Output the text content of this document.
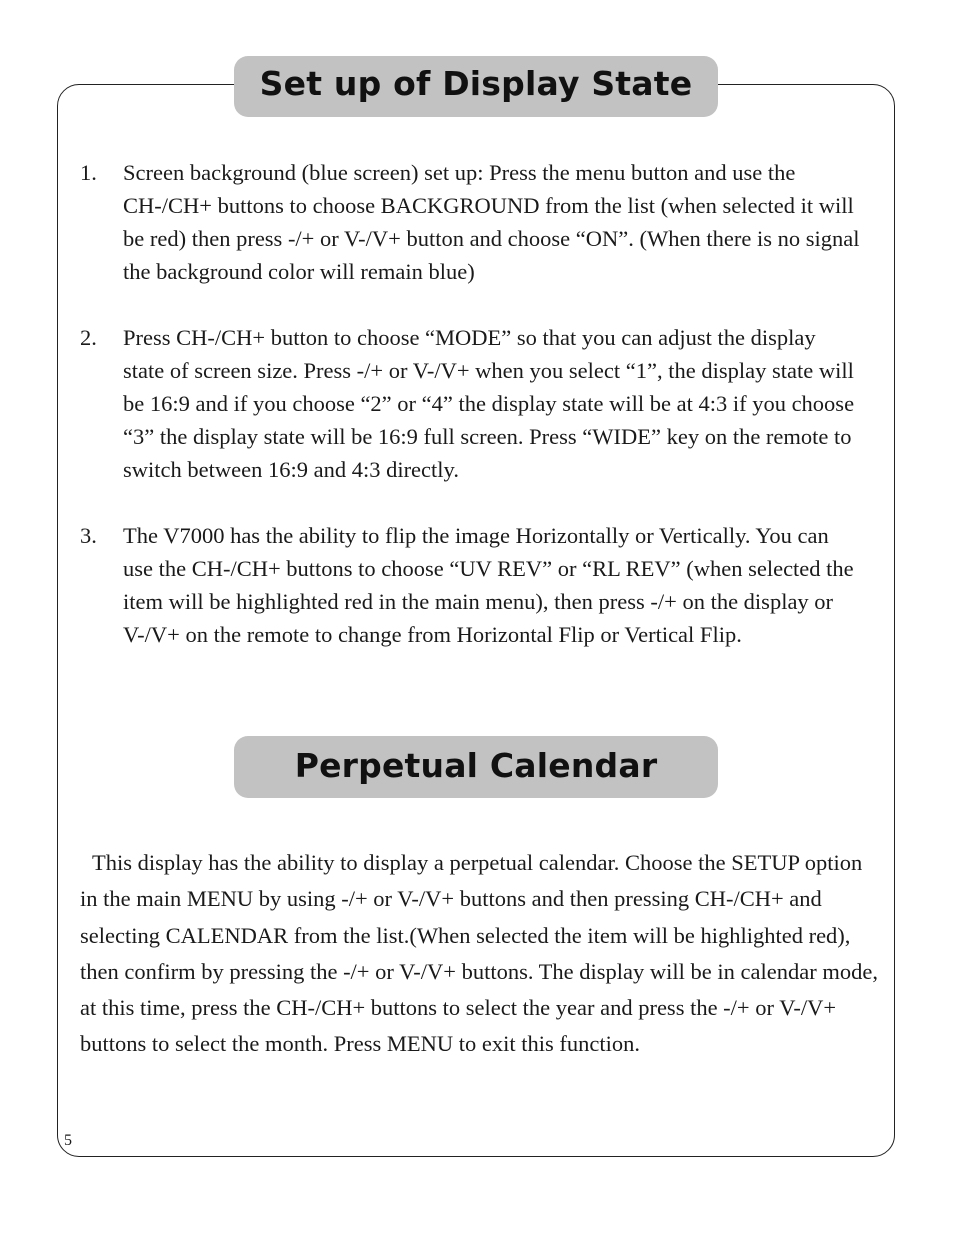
Set up of Display State
1. Screen background (blue screen) set up: Press the menu button and use the CH-/CH+ buttons to choose BACKGROUND from the list (when selected it will be red) then press -/+ or V-/V+ button and choose “ON”. (When there is no signal the background color will remain blue)
2. Press CH-/CH+ button to choose “MODE” so that you can adjust the display state of screen size. Press -/+ or V-/V+ when you select “1”, the display state will be 16:9 and if you choose “2” or “4” the display state will be at 4:3 if you choose “3” the display state will be 16:9 full screen. Press “WIDE” key on the remote to switch between 16:9 and 4:3 directly.
3. The V7000 has the ability to flip the image Horizontally or Vertically. You can use the CH-/CH+ buttons to choose “UV REV” or “RL REV” (when selected the item will be highlighted red in the main menu), then press -/+ on the display or V-/V+ on the remote to change from Horizontal Flip or Vertical Flip.
Perpetual Calendar

This display has the ability to display a perpetual calendar. Choose the SETUP option in the main MENU by using -/+ or V-/V+ buttons and then pressing CH-/CH+ and selecting CALENDAR from the list.(When selected the item will be highlighted red), then confirm by pressing the -/+ or V-/V+ buttons. The display will be in calendar mode, at this time, press the CH-/CH+ buttons to select the year and press the -/+ or V-/V+ buttons to select the month. Press MENU to exit this function.

5
